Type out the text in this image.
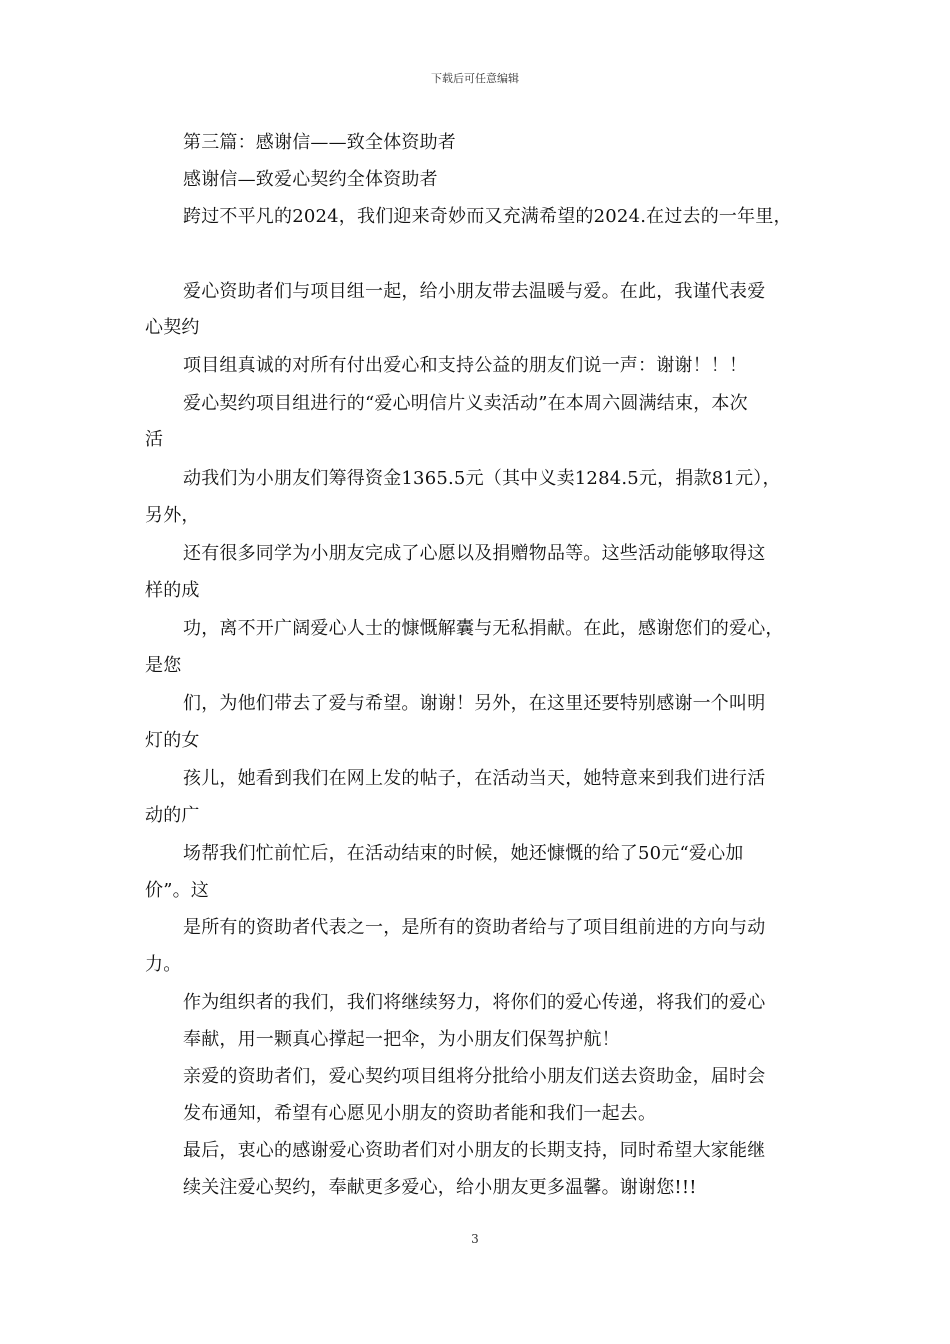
下载后可任意编辑
第三篇：感谢信——致全体资助者
感谢信—致爱心契约全体资助者
跨过不平凡的2024，我们迎来奇妙而又充满希望的2024.在过去的一年里，
爱心资助者们与项目组一起，给小朋友带去温暖与爱。在此，我谨代表爱
心契约
项目组真诚的对所有付出爱心和支持公益的朋友们说一声：谢谢！！！
爱心契约项目组进行的“爱心明信片义卖活动”在本周六圆满结束，本次
活
动我们为小朋友们筹得资金1365.5元（其中义卖1284.5元，捐款81元），
另外，
还有很多同学为小朋友完成了心愿以及捐赠物品等。这些活动能够取得这
样的成
功，离不开广阔爱心人士的慷慨解囊与无私捐献。在此，感谢您们的爱心，
是您
们，为他们带去了爱与希望。谢谢！另外，在这里还要特别感谢一个叫明
灯的女
孩儿，她看到我们在网上发的帖子，在活动当天，她特意来到我们进行活
动的广
场帮我们忙前忙后，在活动结束的时候，她还慷慨的给了50元“爱心加
价”。这
是所有的资助者代表之一，是所有的资助者给与了项目组前进的方向与动
力。
作为组织者的我们，我们将继续努力，将你们的爱心传递，将我们的爱心
奉献，用一颗真心撑起一把伞，为小朋友们保驾护航！
亲爱的资助者们，爱心契约项目组将分批给小朋友们送去资助金，届时会
发布通知，希望有心愿见小朋友的资助者能和我们一起去。
最后，衷心的感谢爱心资助者们对小朋友的长期支持，同时希望大家能继
续关注爱心契约，奉献更多爱心，给小朋友更多温馨。谢谢您!!!
3
